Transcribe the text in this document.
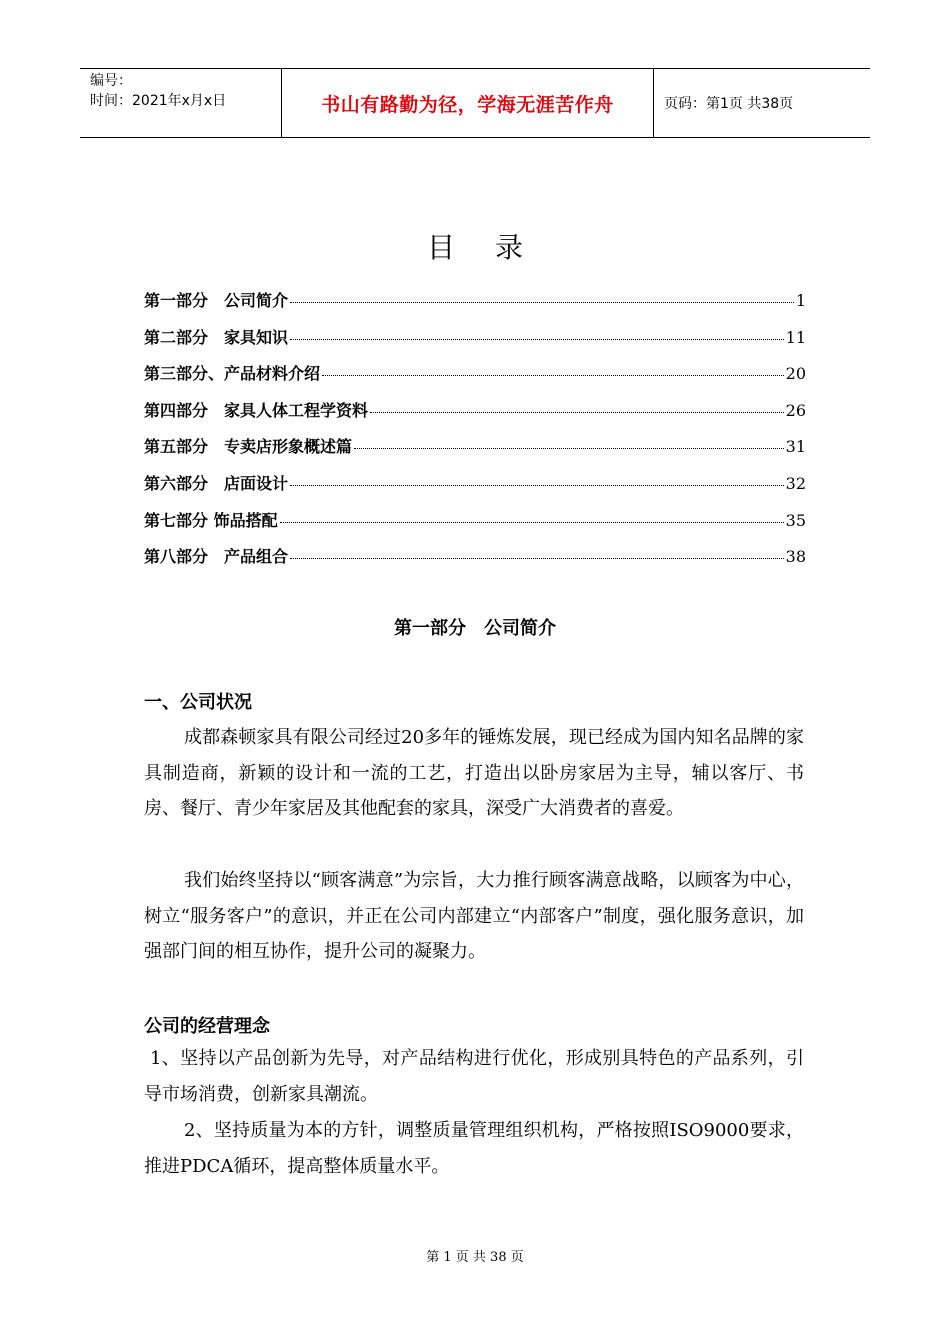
编号：
时间：2021年x月x日	书山有路勤为径，学海无涯苦作舟	页码：第1页 共38页
目录
第一部分　公司简介	1
第二部分　家具知识	11
第三部分、产品材料介绍	20
第四部分　家具人体工程学资料	26
第五部分　专卖店形象概述篇	31
第六部分　店面设计	32
第七部分 饰品搭配	35
第八部分　产品组合	38
第一部分　公司简介
一、公司状况
成都森顿家具有限公司经过20多年的锤炼发展，现已经成为国内知名品牌的家具制造商，新颖的设计和一流的工艺，打造出以卧房家居为主导，辅以客厅、书房、餐厅、青少年家居及其他配套的家具，深受广大消费者的喜爱。
我们始终坚持以“顾客满意”为宗旨，大力推行顾客满意战略，以顾客为中心，树立“服务客户”的意识，并正在公司内部建立“内部客户”制度，强化服务意识，加强部门间的相互协作，提升公司的凝聚力。
公司的经营理念
1、坚持以产品创新为先导，对产品结构进行优化，形成别具特色的产品系列，引导市场消费，创新家具潮流。
2、坚持质量为本的方针，调整质量管理组织机构，严格按照ISO9000要求，推进PDCA循环，提高整体质量水平。
第 1 页 共 38 页
